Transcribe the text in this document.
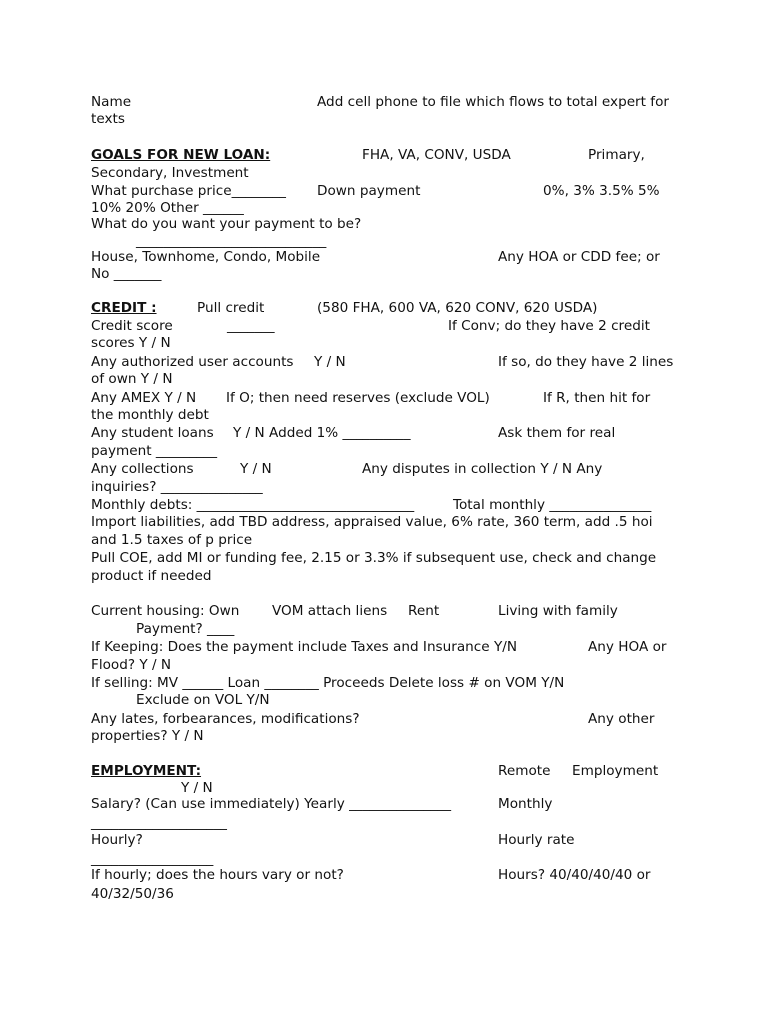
Name	Add cell phone to file which flows to total expert for
texts
GOALS FOR NEW LOAN:	FHA, VA, CONV, USDA	Primary,
Secondary, Investment
What purchase price________ Down payment	0%, 3% 3.5% 5%
10% 20% Other ______
What do you want your payment to be?
____________________________
House, Townhome, Condo, Mobile	Any HOA or CDD fee; or
No _______
CREDIT :	Pull credit	(580 FHA, 600 VA, 620 CONV, 620 USDA)
Credit score	_______	If Conv; do they have 2 credit
scores Y / N
Any authorized user accounts Y / N	If so, do they have 2 lines
of own Y / N
Any AMEX Y / N If O; then need reserves (exclude VOL)	If R, then hit for
the monthly debt
Any student loans Y / N Added 1% __________	Ask them for real
payment _________
Any collections	Y / N	Any disputes in collection Y / N Any
inquiries? _______________
Monthly debts: ________________________________	Total monthly _______________
Import liabilities, add TBD address, appraised value, 6% rate, 360 term, add .5 hoi
and 1.5 taxes of p price
Pull COE, add MI or funding fee, 2.15 or 3.3% if subsequent use, check and change
product if needed
Current housing: Own VOM attach liens Rent	Living with family
Payment? ____
If Keeping: Does the payment include Taxes and Insurance Y/N	Any HOA or
Flood? Y / N
If selling: MV ______ Loan ________ Proceeds Delete loss # on VOM Y/N
Exclude on VOL Y/N
Any lates, forbearances, modifications?	Any other
properties? Y / N
EMPLOYMENT:	Remote Employment
Y / N
Salary? (Can use immediately) Yearly _______________	Monthly
____________________
Hourly?	Hourly rate
__________________
If hourly; does the hours vary or not?	Hours? 40/40/40/40 or
40/32/50/36
